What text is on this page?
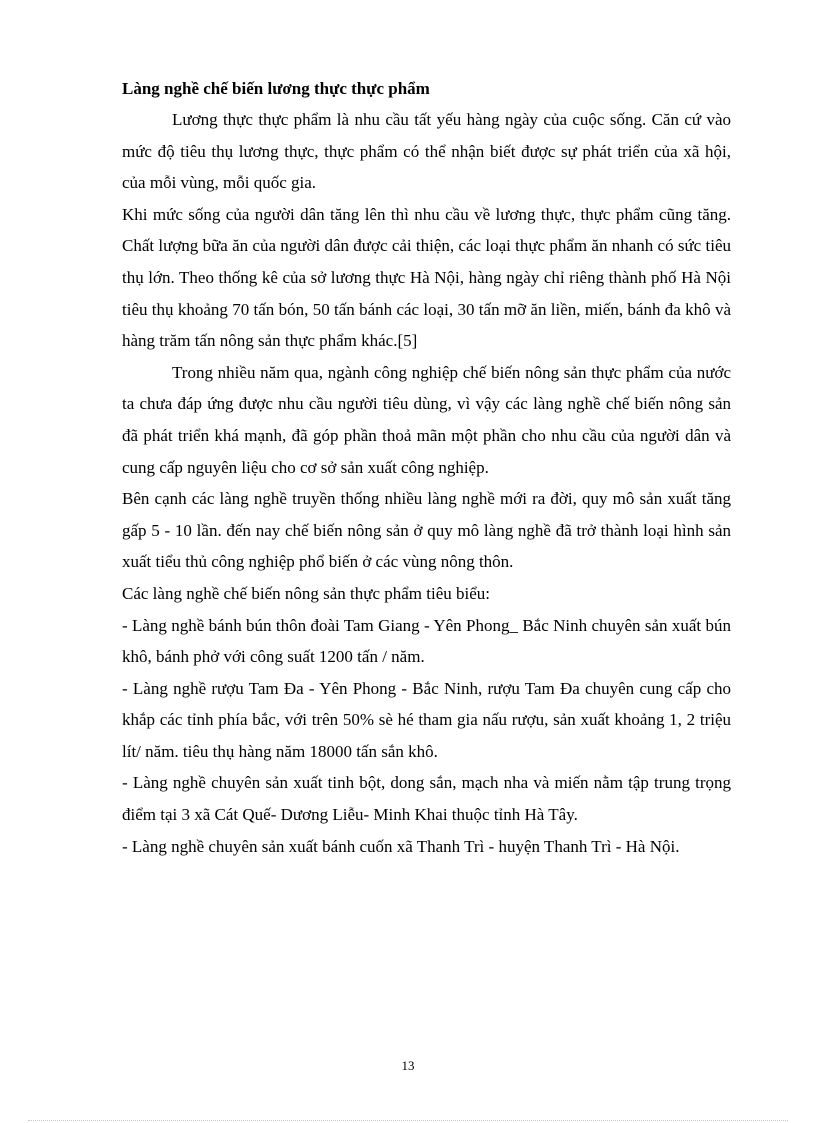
Làng nghề chế biến lương thực thực phẩm

Lương thực thực phẩm là nhu cầu tất yếu hàng ngày của cuộc sống. Căn cứ vào mức độ tiêu thụ lương thực, thực phẩm có thể nhận biết được sự phát triển của xã hội, của mỗi vùng, mỗi quốc gia.

Khi mức sống của người dân tăng lên thì nhu cầu về lương thực, thực phẩm cũng tăng. Chất lượng bữa ăn của người dân được cải thiện, các loại thực phẩm ăn nhanh có sức tiêu thụ lớn. Theo thống kê của sở lương thực Hà Nội, hàng ngày chỉ riêng thành phố Hà Nội tiêu thụ khoảng 70 tấn bón, 50 tấn bánh các loại, 30 tấn mỡ ăn liền, miến, bánh đa khô và hàng trăm tấn nông sản thực phẩm khác.[5]

Trong nhiều năm qua, ngành công nghiệp chế biến nông sản thực phẩm của nước ta chưa đáp ứng được nhu cầu người tiêu dùng, vì vậy các làng nghề chế biến nông sản đã phát triển khá mạnh, đã góp phần thoả mãn một phần cho nhu cầu của người dân và cung cấp nguyên liệu cho cơ sở sản xuất công nghiệp.

Bên cạnh các làng nghề truyền thống nhiều làng nghề mới ra đời, quy mô sản xuất tăng gấp 5 - 10 lần. đến nay chế biến nông sản ở quy mô làng nghề đã trở thành loại hình sản xuất tiểu thủ công nghiệp phổ biến ở các vùng nông thôn.

Các làng nghề chế biến nông sản thực phẩm tiêu biểu:

- Làng nghề bánh bún thôn đoài Tam Giang - Yên Phong_ Bắc Ninh chuyên sản xuất bún khô, bánh phở với công suất 1200 tấn / năm.

- Làng nghề rượu Tam Đa - Yên Phong - Bắc Ninh, rượu Tam Đa chuyên cung cấp cho khắp các tỉnh phía bắc, với trên 50% sè hé tham gia nấu rượu, sản xuất khoảng 1, 2 triệu lít/ năm. tiêu thụ hàng năm 18000 tấn sắn khô.

- Làng nghề chuyên sản xuất tinh bột, dong sắn, mạch nha và miến nằm tập trung trọng điểm tại 3 xã Cát Quế- Dương Liễu- Minh Khai thuộc tỉnh Hà Tây.

- Làng nghề chuyên sản xuất bánh cuốn xã Thanh Trì - huyện Thanh Trì - Hà Nội.

13
